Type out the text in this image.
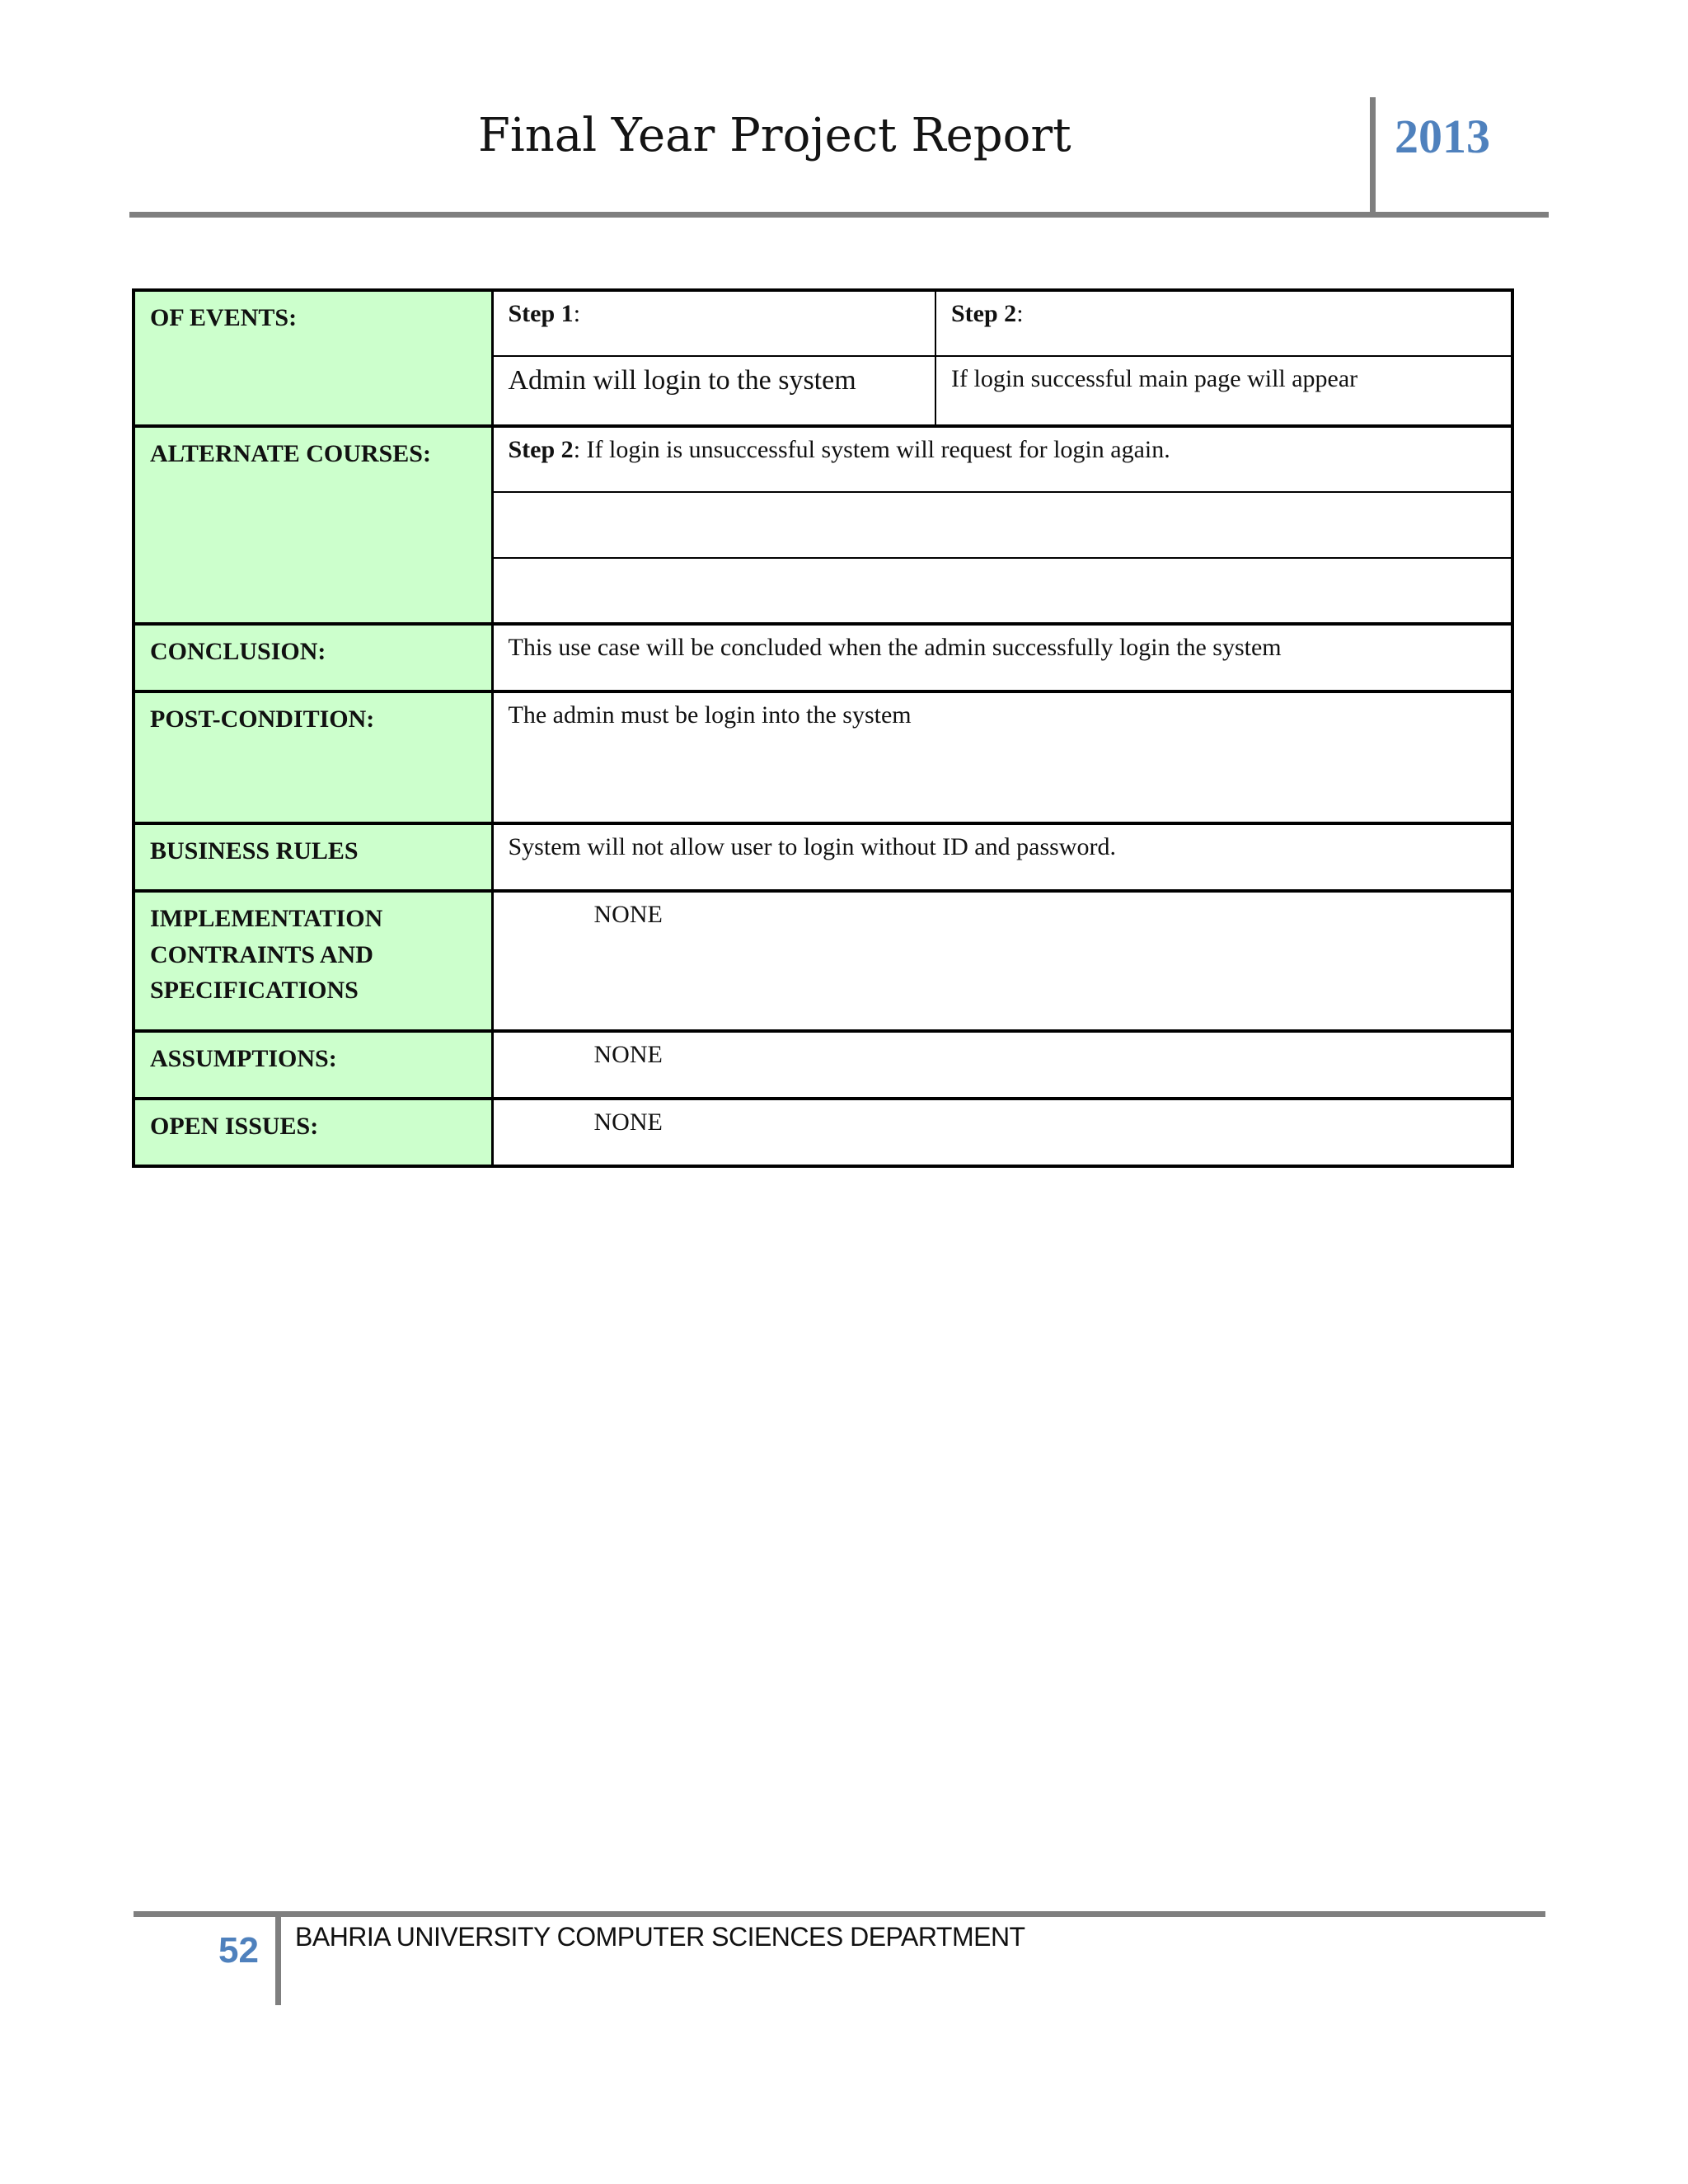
Final Year Project Report	2013
OF EVENTS:	Step 1:	Step 2:
	Admin will login to the system	If login successful main page will appear
ALTERNATE COURSES:	Step 2: If login is unsuccessful system will request for login again.	

CONCLUSION:	This use case will be concluded when the admin successfully login the system	
POST-CONDITION:	The admin must be login into the system	
BUSINESS RULES	System will not allow user to login without ID and password.	
IMPLEMENTATION CONTRAINTS AND SPECIFICATIONS	NONE	
ASSUMPTIONS:	NONE	
OPEN ISSUES:	NONE	
52 BAHRIA UNIVERSITY COMPUTER SCIENCES DEPARTMENT
